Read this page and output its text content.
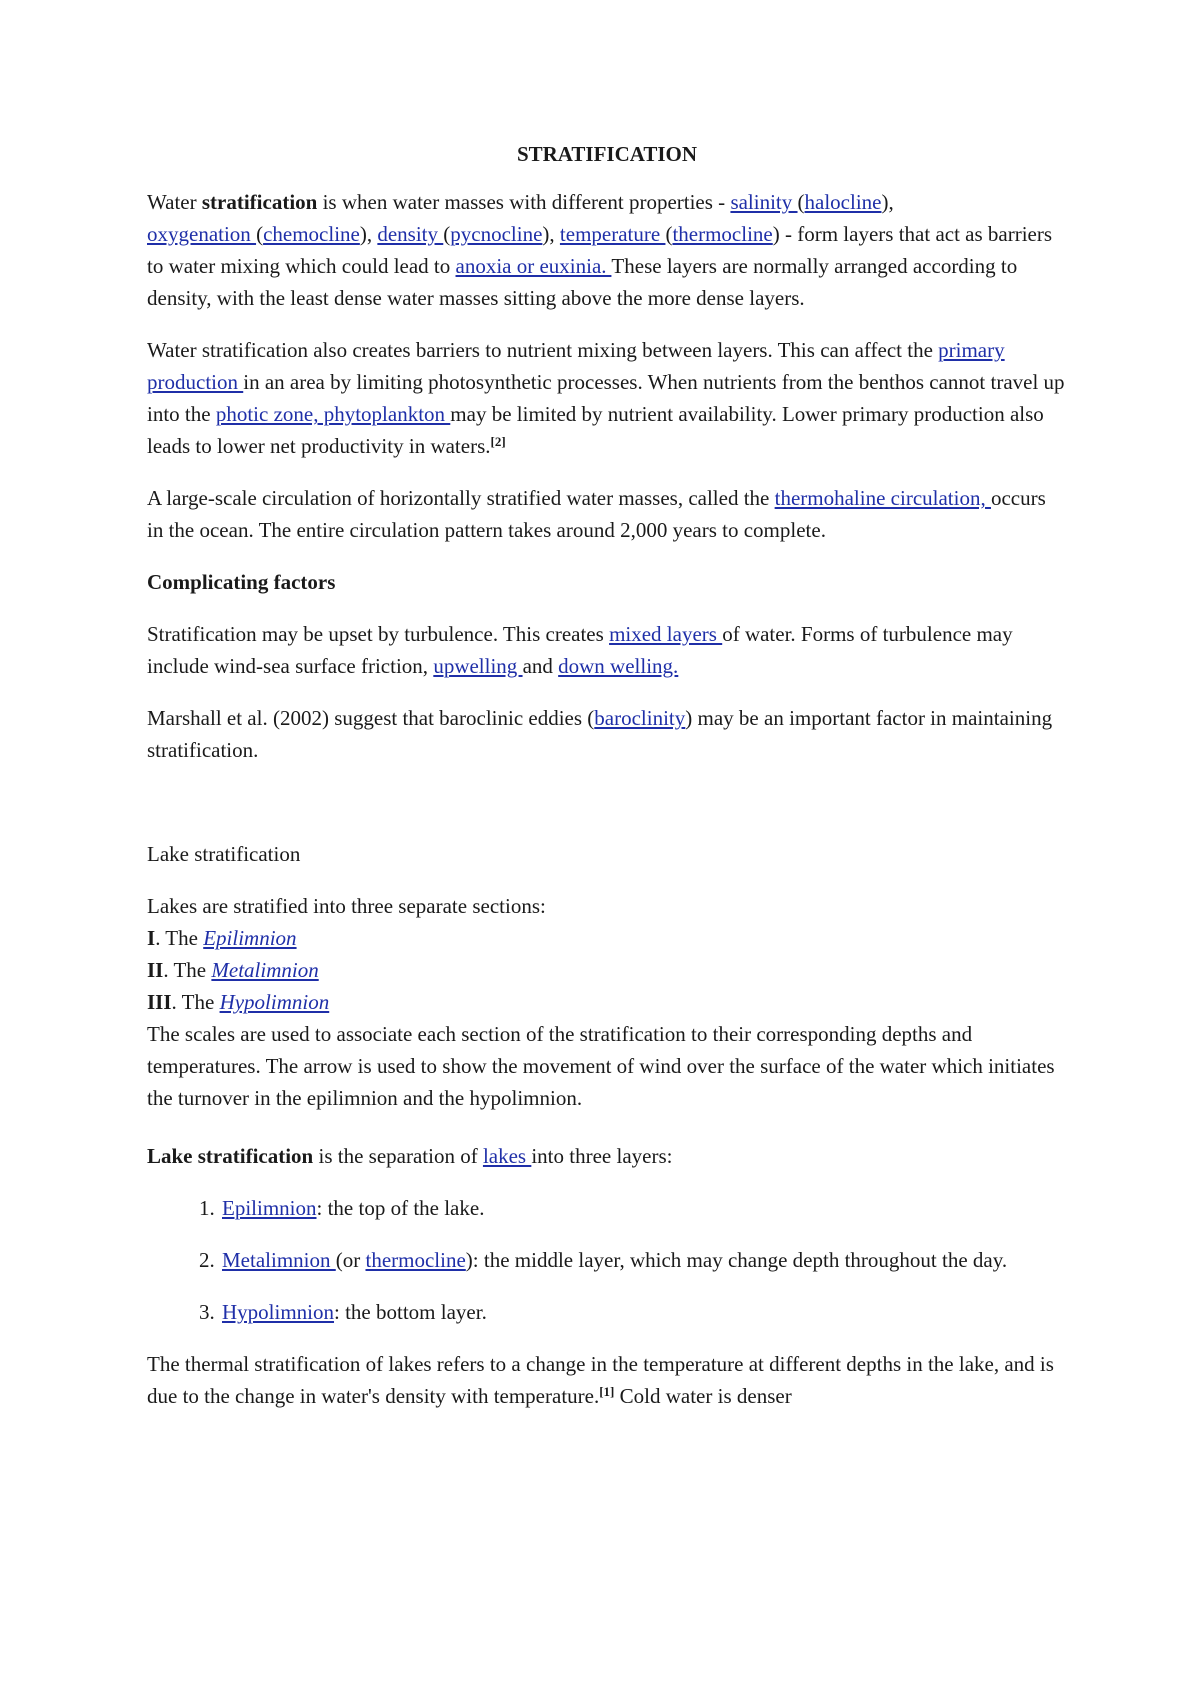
STRATIFICATION

Water stratification is when water masses with different properties - salinity (halocline),
oxygenation (chemocline), density (pycnocline), temperature (thermocline) - form layers that act as barriers to water mixing which could lead to anoxia or euxinia. These layers are normally arranged according to density, with the least dense water masses sitting above the more dense layers.

Water stratification also creates barriers to nutrient mixing between layers. This can affect the primary production in an area by limiting photosynthetic processes. When nutrients from the benthos cannot travel up into the photic zone, phytoplankton may be limited by nutrient availability. Lower primary production also leads to lower net productivity in waters.[2]

A large-scale circulation of horizontally stratified water masses, called the thermohaline circulation, occurs in the ocean. The entire circulation pattern takes around 2,000 years to complete.

Complicating factors

Stratification may be upset by turbulence. This creates mixed layers of water. Forms of turbulence may include wind-sea surface friction, upwelling and down welling.

Marshall et al. (2002) suggest that baroclinic eddies (baroclinity) may be an important factor in maintaining stratification.

Lake stratification

Lakes are stratified into three separate sections:
I. The Epilimnion
II. The Metalimnion
III. The Hypolimnion
The scales are used to associate each section of the stratification to their corresponding depths and temperatures. The arrow is used to show the movement of wind over the surface of the water which initiates the turnover in the epilimnion and the hypolimnion.

Lake stratification is the separation of lakes into three layers:

1. Epilimnion: the top of the lake.
2. Metalimnion (or thermocline): the middle layer, which may change depth throughout the day.
3. Hypolimnion: the bottom layer.

The thermal stratification of lakes refers to a change in the temperature at different depths in the lake, and is due to the change in water's density with temperature.[1] Cold water is denser
